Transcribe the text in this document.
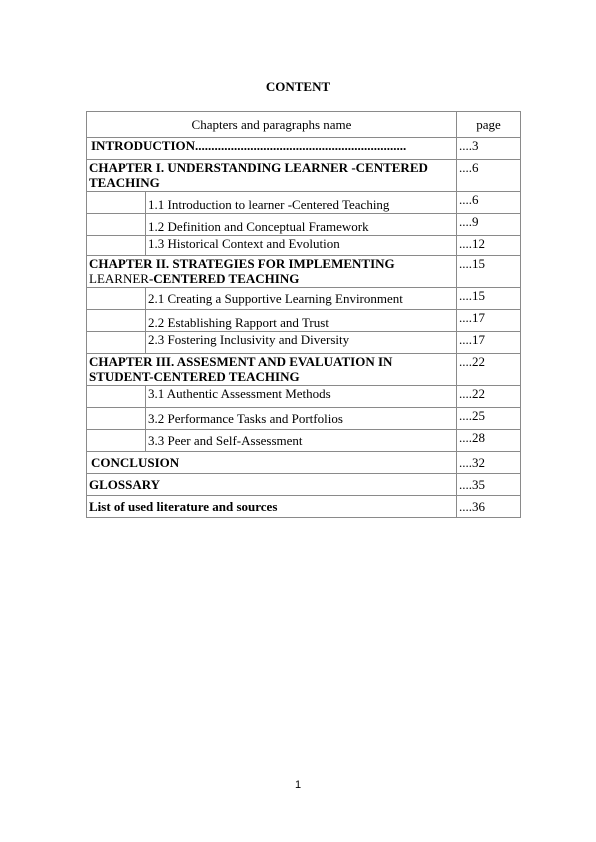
CONTENT
Chapters and paragraphs name		page
INTRODUCTION.................................................................		....3
CHAPTER I. UNDERSTANDING LEARNER -CENTERED TEACHING		....6
	1.1 Introduction to learner -Centered Teaching	....6
	1.2 Definition and Conceptual Framework	....9
	1.3 Historical Context and Evolution	....12
CHAPTER II. STRATEGIES FOR IMPLEMENTING
LEARNER-CENTERED TEACHING		....15
	2.1 Creating a Supportive Learning Environment	....15
	2.2 Establishing Rapport and Trust	....17
	2.3 Fostering Inclusivity and Diversity	....17
CHAPTER III. ASSESMENT AND EVALUATION IN STUDENT-CENTERED TEACHING		....22
	3.1 Authentic Assessment Methods	....22
	3.2 Performance Tasks and Portfolios	....25
	3.3 Peer and Self-Assessment	....28
CONCLUSION		....32
GLOSSARY		....35
List of used literature and sources		....36
1
